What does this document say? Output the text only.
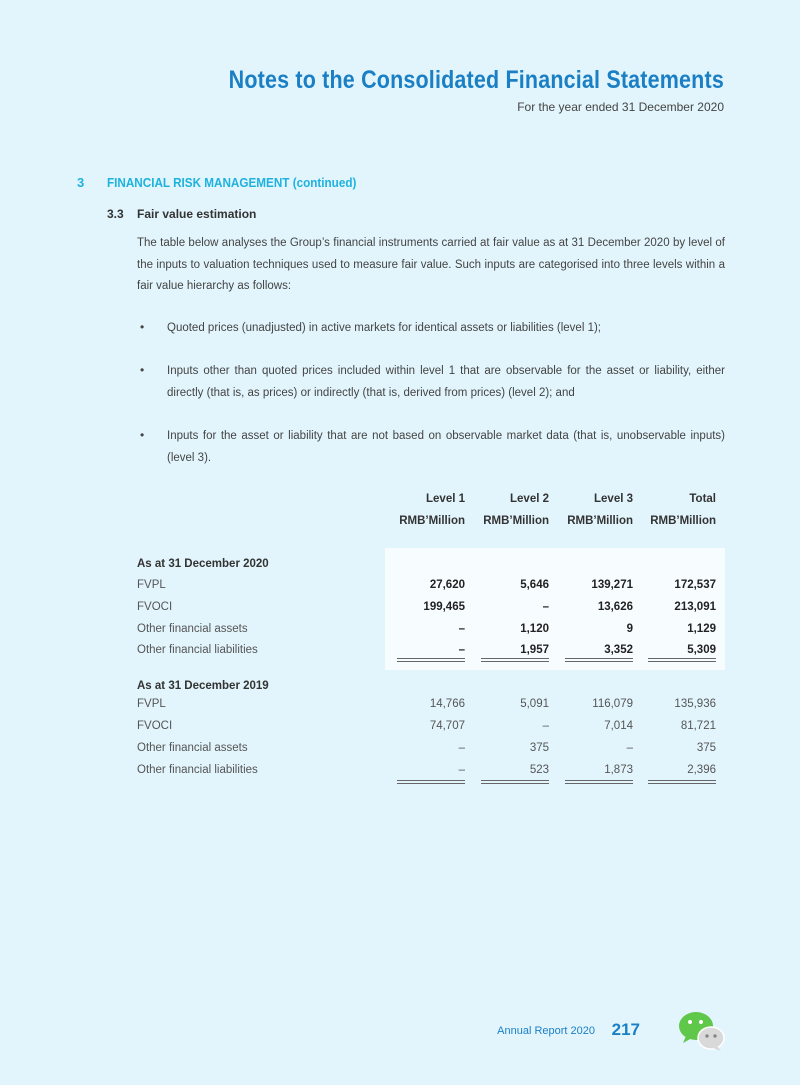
Notes to the Consolidated Financial Statements
For the year ended 31 December 2020
3 FINANCIAL RISK MANAGEMENT (continued)
3.3 Fair value estimation
The table below analyses the Group’s financial instruments carried at fair value as at 31 December 2020 by level of the inputs to valuation techniques used to measure fair value. Such inputs are categorised into three levels within a fair value hierarchy as follows:
• Quoted prices (unadjusted) in active markets for identical assets or liabilities (level 1);
• Inputs other than quoted prices included within level 1 that are observable for the asset or liability, either directly (that is, as prices) or indirectly (that is, derived from prices) (level 2); and
• Inputs for the asset or liability that are not based on observable market data (that is, unobservable inputs) (level 3).
Level 1	Level 2	Level 3	Total
RMB’Million	RMB’Million	RMB’Million	RMB’Million
As at 31 December 2020
FVPL	27,620	5,646	139,271	172,537
FVOCI	199,465	–	13,626	213,091
Other financial assets	–	1,120	9	1,129
Other financial liabilities	–	1,957	3,352	5,309
As at 31 December 2019
FVPL	14,766	5,091	116,079	135,936
FVOCI	74,707	–	7,014	81,721
Other financial assets	–	375	–	375
Other financial liabilities	–	523	1,873	2,396
Annual Report 2020 217
